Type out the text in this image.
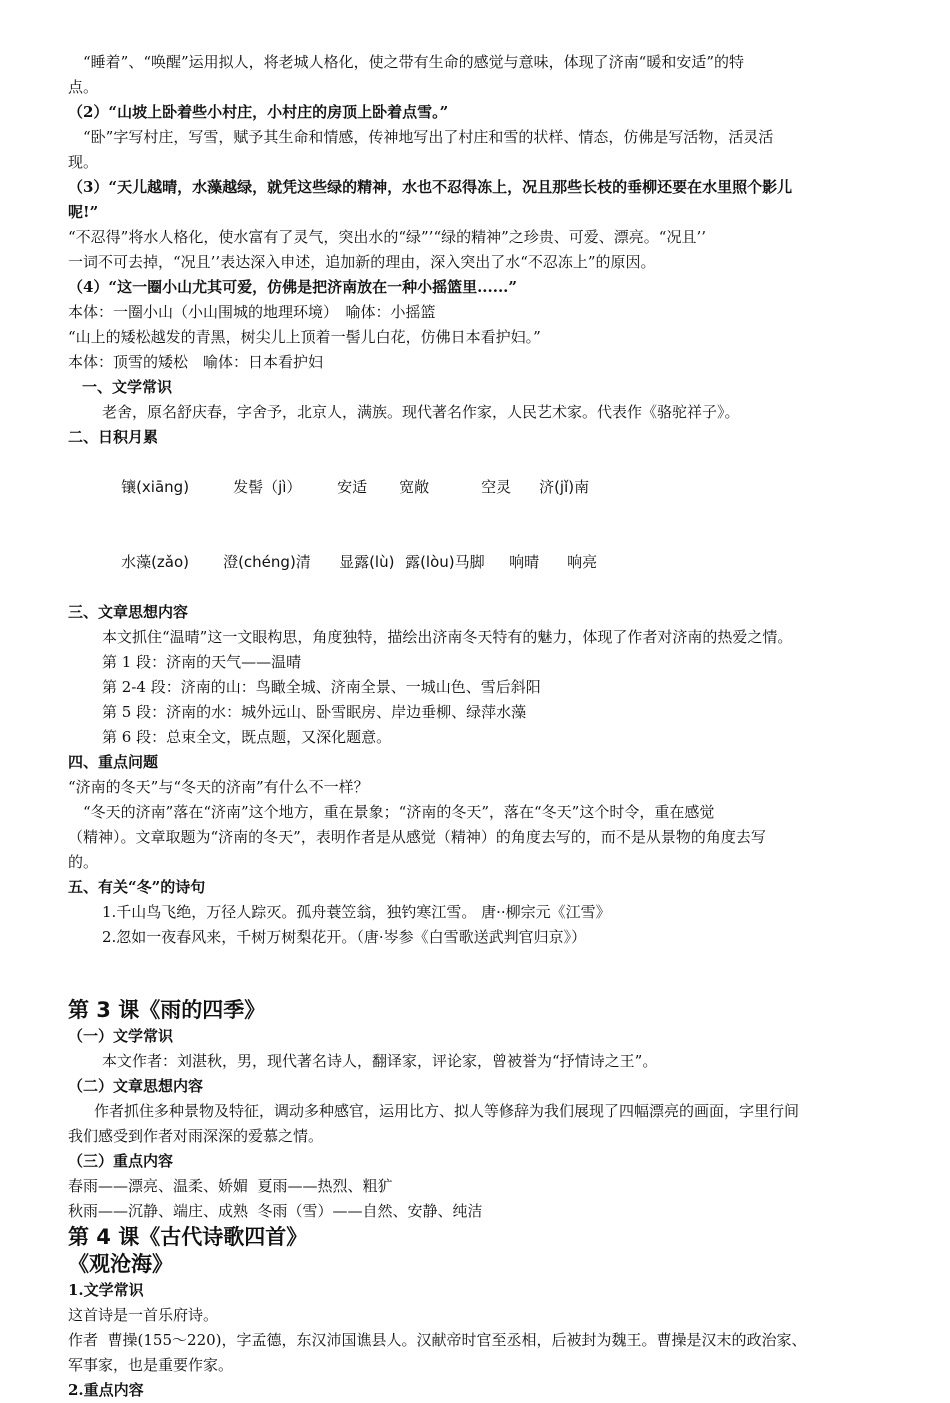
　“睡着”、“唤醒”运用拟人，将老城人格化，使之带有生命的感觉与意味，体现了济南“暖和安适”的特
点。
（2）“山坡上卧着些小村庄，小村庄的房顶上卧着点雪。”
　“卧”字写村庄，写雪，赋予其生命和情感，传神地写出了村庄和雪的状样、情态，仿佛是写活物，活灵活
现。
（3）“天儿越晴，水藻越绿，就凭这些绿的精神，水也不忍得冻上，况且那些长枝的垂柳还要在水里照个影儿
呢!”
“不忍得”将水人格化，使水富有了灵气，突出水的“绿”’“绿的精神”之珍贵、可爱、漂亮。“况且’’
一词不可去掉，“况且’’表达深入申述，追加新的理由，深入突出了水“不忍冻上”的原因。
（4）“这一圈小山尤其可爱，仿佛是把济南放在一种小摇篮里......”
本体：一圈小山（小山围城的地理环境）　喻体：小摇篮
“山上的矮松越发的青黑，树尖儿上顶着一髻儿白花，仿佛日本看护妇。”
本体：顶雪的矮松　喻体：日本看护妇
一、文学常识
老舍，原名舒庆春，字舍予，北京人，满族。现代著名作家，人民艺术家。代表作《骆驼祥子》。
二、日积月累

镶(xiāng)	发髻（jì） 安适 宽敞	空灵 济(jǐ)南

水藻(zǎo) 澄(chéng)清 显露(lù) 露(lòu)马脚 响晴 响亮

三、文章思想内容
本文抓住“温晴”这一文眼构思，角度独特，描绘出济南冬天特有的魅力，体现了作者对济南的热爱之情。
第 1 段：济南的天气——温晴
第 2-4 段：济南的山：鸟瞰全城、济南全景、一城山色、雪后斜阳
第 5 段：济南的水：城外远山、卧雪眠房、岸边垂柳、绿萍水藻
第 6 段：总束全文，既点题，又深化题意。
四、重点问题
“济南的冬天”与“冬天的济南”有什么不一样？
　“冬天的济南”落在“济南”这个地方，重在景象；“济南的冬天”，落在“冬天”这个时令，重在感觉
（精神）。文章取题为“济南的冬天”，表明作者是从感觉（精神）的角度去写的，而不是从景物的角度去写
的。
五、有关“冬”的诗句
1.千山鸟飞绝，万径人踪灭。孤舟蓑笠翁，独钓寒江雪。 唐··柳宗元《江雪》
2.忽如一夜春风来，千树万树梨花开。（唐·岑参《白雪歌送武判官归京》）
第 3 课《雨的四季》
（一）文学常识
本文作者：刘湛秋，男，现代著名诗人，翻译家，评论家，曾被誉为“抒情诗之王”。
（二）文章思想内容
作者抓住多种景物及特征，调动多种感官，运用比方、拟人等修辞为我们展现了四幅漂亮的画面，字里行间
我们感受到作者对雨深深的爱慕之情。
（三）重点内容
春雨——漂亮、温柔、娇媚  夏雨——热烈、粗犷
秋雨——沉静、端庄、成熟  冬雨（雪）——自然、安静、纯洁
第 4 课《古代诗歌四首》
《观沧海》
1.文学常识
这首诗是一首乐府诗。
作者  曹操(155～220)，字孟德，东汉沛国谯县人。汉献帝时官至丞相，后被封为魏王。曹操是汉末的政治家、
军事家，也是重要作家。
2.重点内容
